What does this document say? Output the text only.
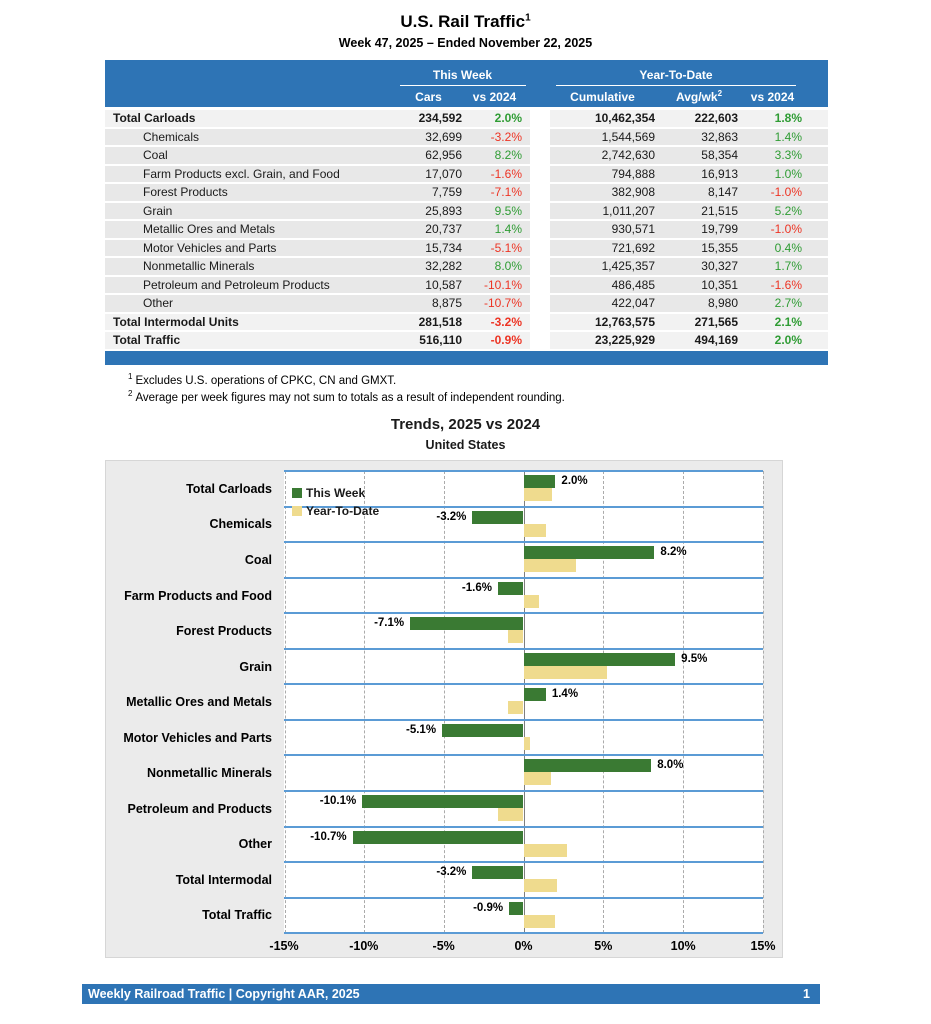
U.S. Rail Traffic$^1$
Week 47, 2025 – Ended November 22, 2025
This Week	Year-To-Date
Cars	vs 2024	Cumulative	Avg/$wk^2$	vs 2024
Total Carloads	234,592	2.0%	10,462,354	222,603	1.8%
Chemicals	32,699	-3.2%	1,544,569	32,863	1.4%
Coal	62,956	8.2%	2,742,630	58,354	3.3%
Farm Products excl. Grain, and Food	17,070	-1.6%	794,888	16,913	1.0%
Forest Products	7,759	-7.1%	382,908	8,147	-1.0%
Grain	25,893	9.5%	1,011,207	21,515	5.2%
Metallic Ores and Metals	20,737	1.4%	930,571	19,799	-1.0%
Motor Vehicles and Parts	15,734	-5.1%	721,692	15,355	0.4%
Nonmetallic Minerals	32,282	8.0%	1,425,357	30,327	1.7%
Petroleum and Petroleum Products	10,587	-10.1%	486,485	10,351	-1.6%
Other	8,875	-10.7%	422,047	8,980	2.7%
Total Intermodal Units	281,518	-3.2%	12,763,575	271,565	2.1%
Total Traffic	516,110	-0.9%	23,225,929	494,169	2.0%
$^1$ Excludes U.S. operations of CPKC, CN and GMXT.
$^2$ Average per week figures may not sum to totals as a result of independent rounding.
Trends, 2025 vs 2024
United States
2.0%
-3.2%
8.2%
-1.6%
-7.1%
9.5%
1.4%
-5.1%
8.0%
-10.1%
-10.7%
-3.2%
-0.9%
This Week
Year-To-Date
Total Carloads
Chemicals
Coal
Farm Products and Food
Forest Products
Grain
Metallic Ores and Metals
Motor Vehicles and Parts
Nonmetallic Minerals
Petroleum and Products
Other
Total Intermodal
Total Traffic
-15%	-10%	-5%	0%	5%	10%	15%
Weekly Railroad Traffic | Copyright AAR, 2025	1
